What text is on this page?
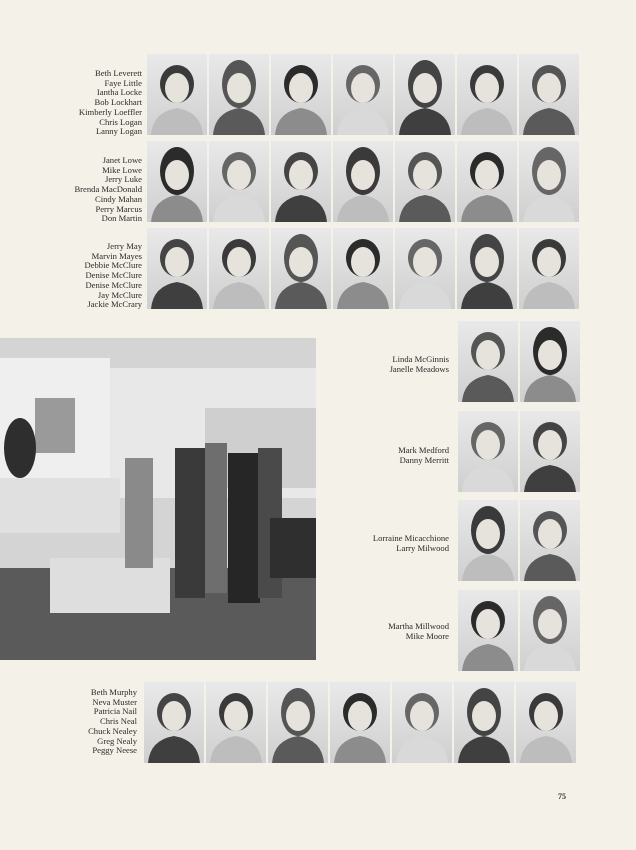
Beth Leverett
Faye Little
Iantha Locke
Bob Lockhart
Kimberly Loeffler
Chris Logan
Lanny Logan
Janet Lowe
Mike Lowe
Jerry Luke
Brenda MacDonald
Cindy Mahan
Perry Marcus
Don Martin
Jerry May
Marvin Mayes
Debbie McClure
Denise McClure
Denise McClure
Jay McClure
Jackie McCrary
Linda McGinnis
Janelle Meadows
Mark Medford
Danny Merritt
Lorraine Micacchione
Larry Milwood
Martha Millwood
Mike Moore
Beth Murphy
Neva Muster
Patricia Nail
Chris Neal
Chuck Nealey
Greg Nealy
Peggy Neese
75
